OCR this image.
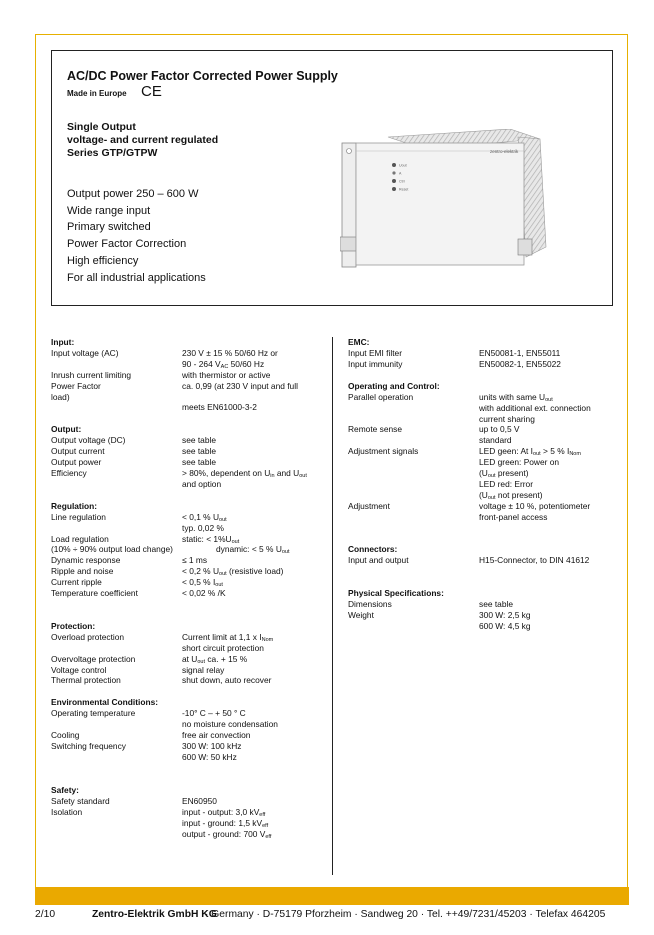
AC/DC Power Factor Corrected Power Supply
Made in Europe CE
Single Output
voltage- and current regulated
Series GTP/GTPW
Output power 250 – 600 W
Wide range input
Primary switched
Power Factor Correction
High efficiency
For all industrial applications
zentro-elektrik
Uout
A
Ctrl
Reset
Input:
Input voltage (AC)	230 V ± 15 % 50/60 Hz or
90 - 264 $V_{AC}$ 50/60 Hz
Inrush current limiting	with thermistor or active
Power Factor	ca. 0,99 (at 230 V input and full
load)
meets EN61000-3-2
Output:
Output voltage (DC)	see table
Output current	see table
Output power	see table
Efficiency	> 80%, dependent on $U_{in}$ and $U_{out}$
and option
Regulation:
Line regulation	< 0,1 % $U_{out}$
typ. 0,02 %
Load regulation	static: < $1\%U_{out}$
(10% ÷ 90% output load change)	dynamic: < 5 % $U_{out}$
Dynamic response	≤ 1 ms
Ripple and noise	< 0,2 % $U_{out}$ (resistive load)
Current ripple	< 0,5 % $I_{out}$
Temperature coefficient	< 0,02 % /K
Protection:
Overload protection	Current limit at 1,1 x $I_{Nom}$
short circuit protection
Overvoltage protection	at $U_{out}$ ca. + 15 %
Voltage control	signal relay
Thermal protection	shut down, auto recover
Environmental Conditions:
Operating temperature	-10° C – + 50 ° C
no moisture condensation
Cooling	free air convection
Switching frequency	300 W: 100 kHz
600 W: 50 kHz
Safety:
Safety standard	EN60950
Isolation	input - output: 3,0 $kV_{eff}$
input - ground: 1,5 $kV_{eff}$
output - ground: 700 $V_{eff}$
EMC:
Input EMI filter	EN50081-1, EN55011
Input immunity	EN50082-1, EN55022
Operating and Control:
Parallel operation	units with same $U_{out}$
with additional ext. connection
current sharing
Remote sense	up to 0,5 V
standard
Adjustment signals	LED geen: At $I_{out} > 5$ % $I_{Nom}$
LED green: Power on
($U_{out}$ present)
LED red: Error
($U_{out}$ not present)
Adjustment	voltage ± 10 %, potentiometer
front-panel access
Connectors:
Input and output	H15-Connector, to DIN 41612
Physical Specifications:
Dimensions	see table
Weight	300 W: 2,5 kg
600 W: 4,5 kg
2/10	Zentro-Elektrik GmbH KG
· Germany · D-75179 Pforzheim · Sandweg 20 · Tel. ++49/7231/45203 · Telefax 464205
